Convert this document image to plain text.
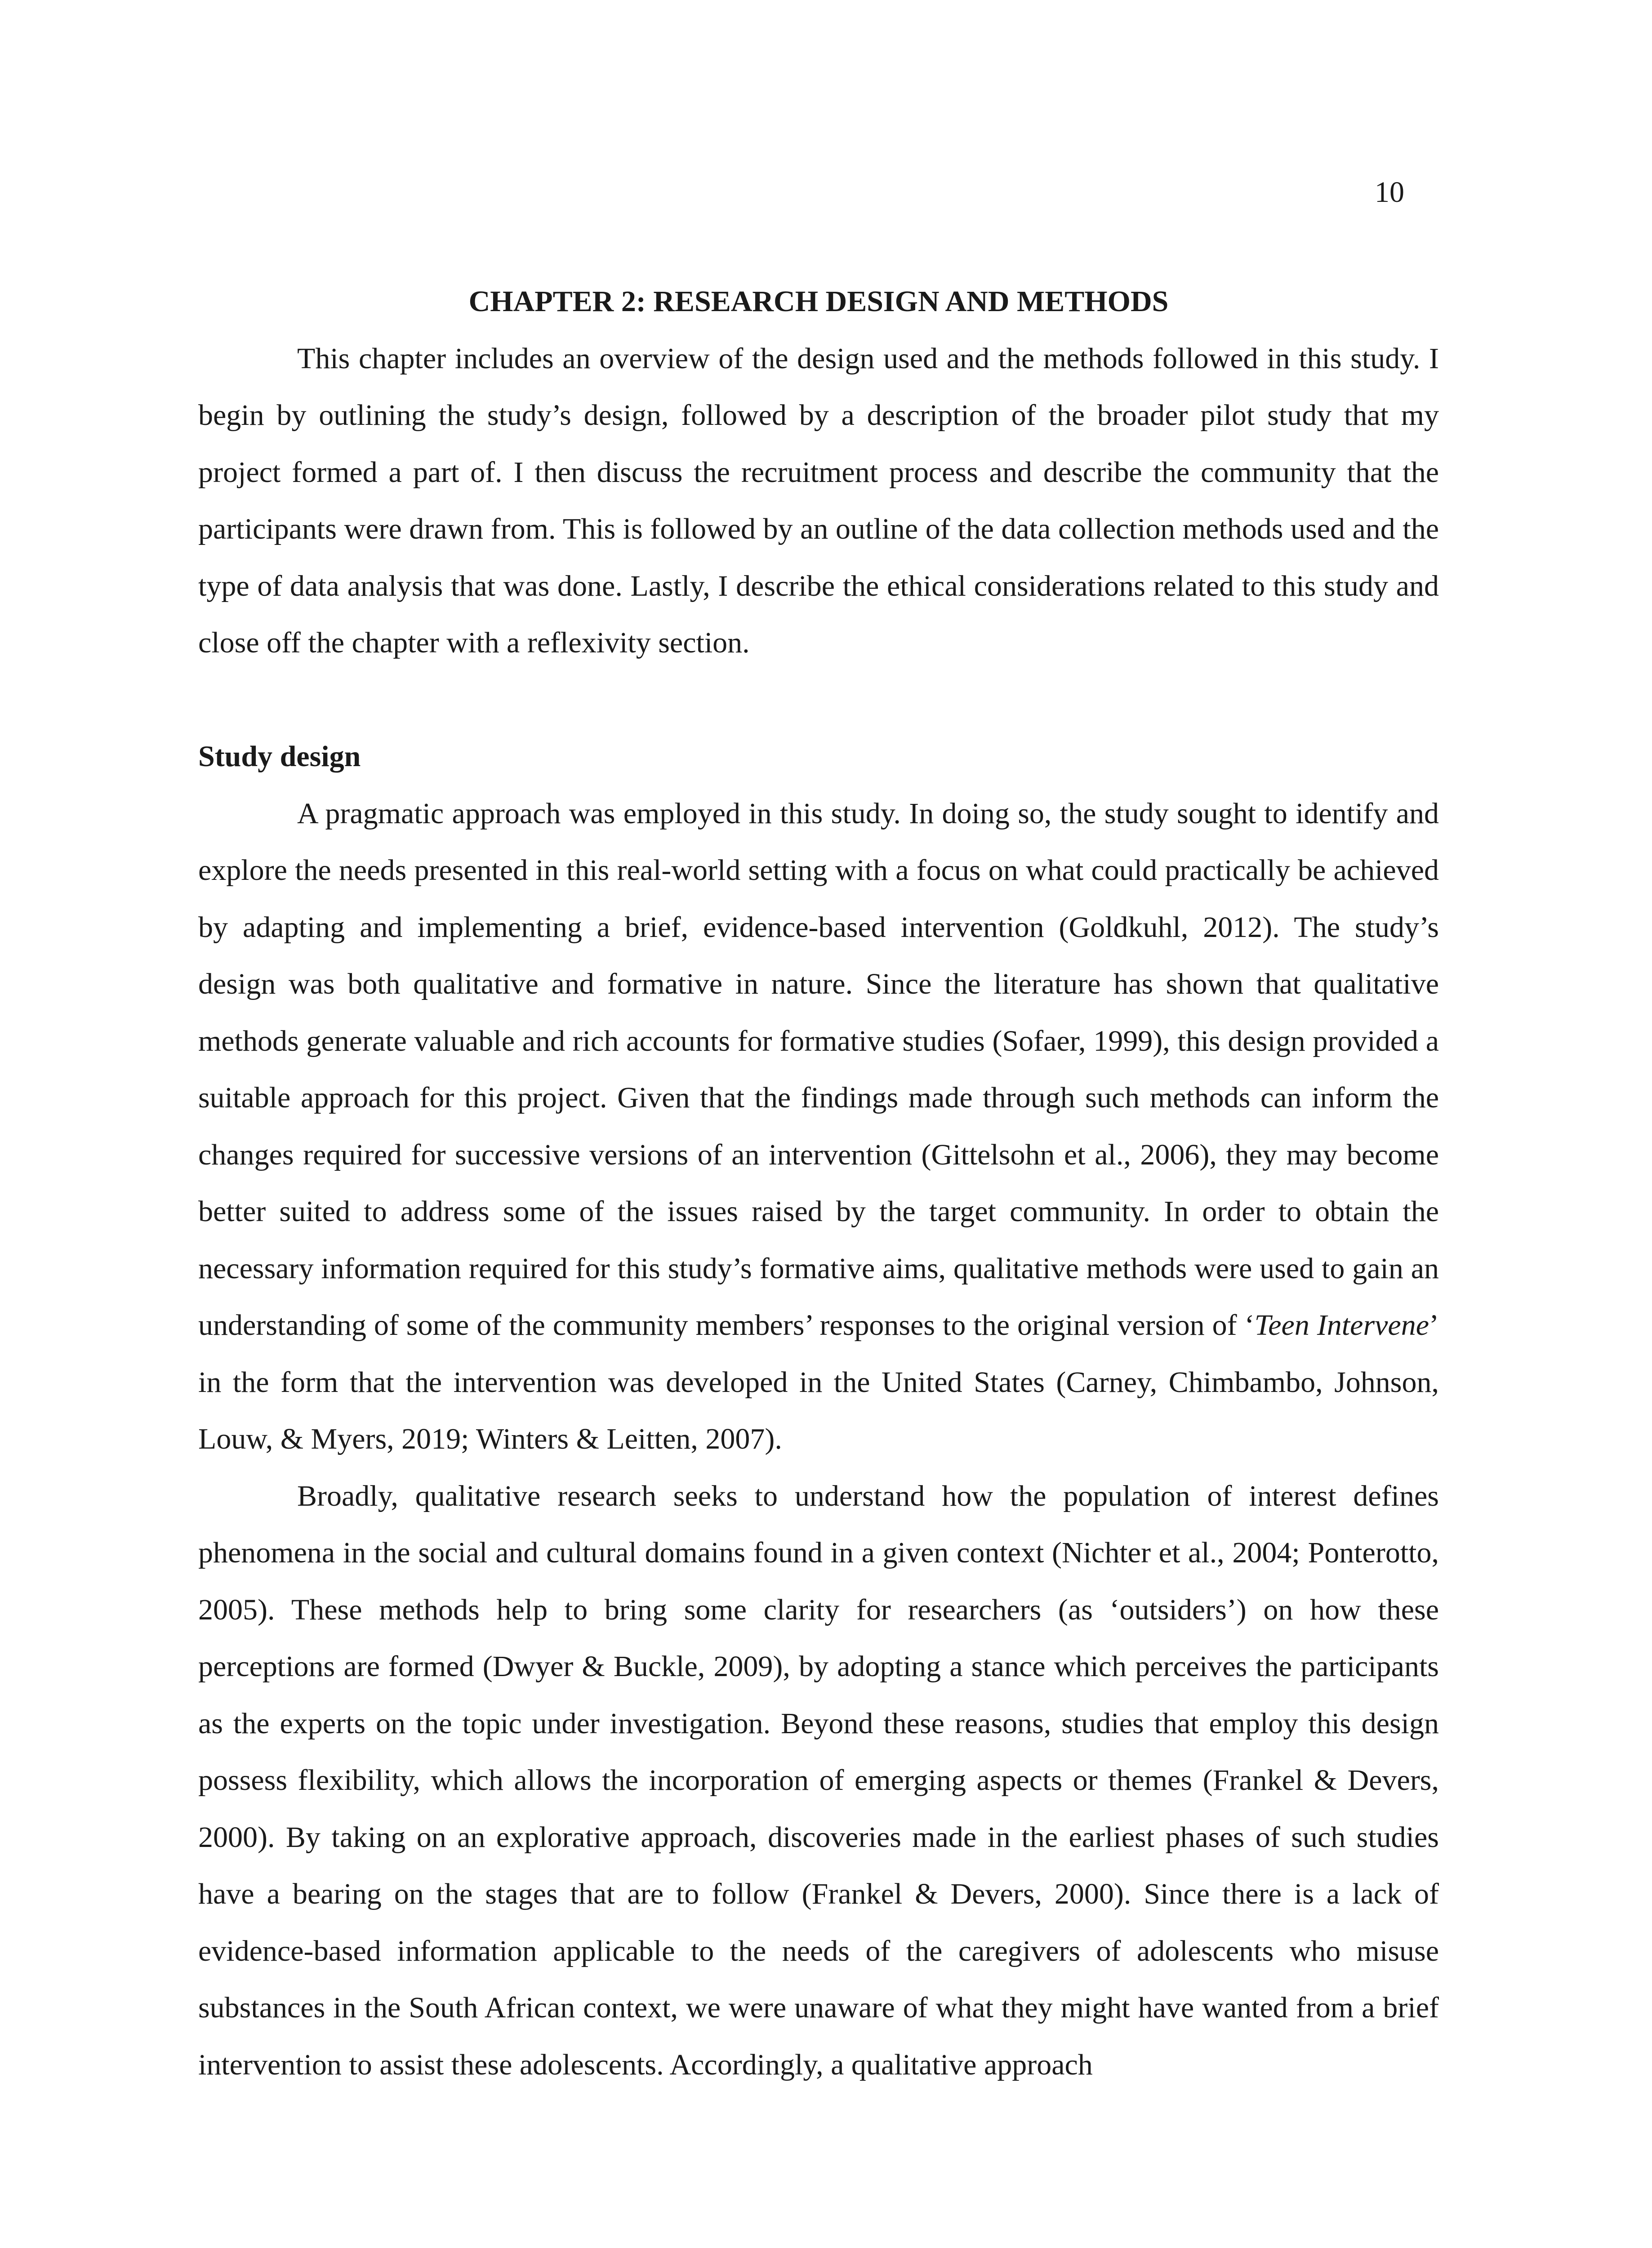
10

CHAPTER 2: RESEARCH DESIGN AND METHODS

This chapter includes an overview of the design used and the methods followed in this study. I begin by outlining the study’s design, followed by a description of the broader pilot study that my project formed a part of. I then discuss the recruitment process and describe the community that the participants were drawn from. This is followed by an outline of the data collection methods used and the type of data analysis that was done. Lastly, I describe the ethical considerations related to this study and close off the chapter with a reflexivity section.

Study design

A pragmatic approach was employed in this study. In doing so, the study sought to identify and explore the needs presented in this real-world setting with a focus on what could practically be achieved by adapting and implementing a brief, evidence-based intervention (Goldkuhl, 2012). The study’s design was both qualitative and formative in nature. Since the literature has shown that qualitative methods generate valuable and rich accounts for formative studies (Sofaer, 1999), this design provided a suitable approach for this project. Given that the findings made through such methods can inform the changes required for successive versions of an intervention (Gittelsohn et al., 2006), they may become better suited to address some of the issues raised by the target community. In order to obtain the necessary information required for this study’s formative aims, qualitative methods were used to gain an understanding of some of the community members’ responses to the original version of ‘Teen Intervene’ in the form that the intervention was developed in the United States (Carney, Chimbambo, Johnson, Louw, & Myers, 2019; Winters & Leitten, 2007).

Broadly, qualitative research seeks to understand how the population of interest defines phenomena in the social and cultural domains found in a given context (Nichter et al., 2004; Ponterotto, 2005). These methods help to bring some clarity for researchers (as ‘outsiders’) on how these perceptions are formed (Dwyer & Buckle, 2009), by adopting a stance which perceives the participants as the experts on the topic under investigation. Beyond these reasons, studies that employ this design possess flexibility, which allows the incorporation of emerging aspects or themes (Frankel & Devers, 2000). By taking on an explorative approach, discoveries made in the earliest phases of such studies have a bearing on the stages that are to follow (Frankel & Devers, 2000). Since there is a lack of evidence-based information applicable to the needs of the caregivers of adolescents who misuse substances in the South African context, we were unaware of what they might have wanted from a brief intervention to assist these adolescents. Accordingly, a qualitative approach
